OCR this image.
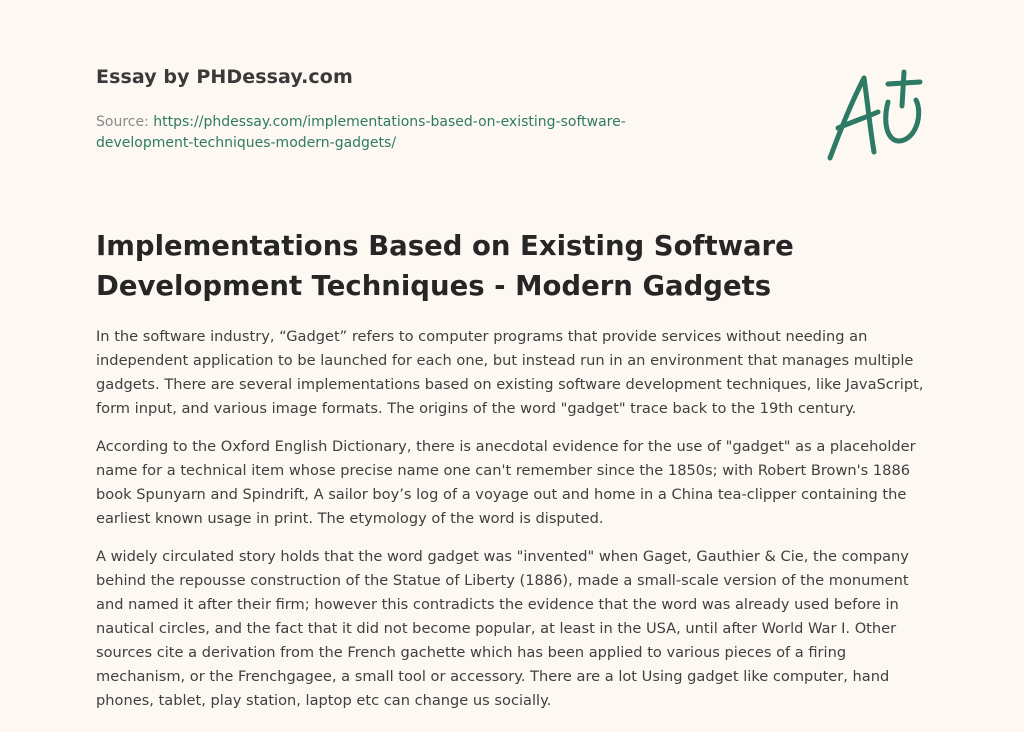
Essay by PHDessay.com
Source: https://phdessay.com/implementations-based-on-existing-software-
development-techniques-modern-gadgets/
Implementations Based on Existing Software
Development Techniques - Modern Gadgets

In the software industry, “Gadget” refers to computer programs that provide services without needing an independent application to be launched for each one, but instead run in an environment that manages multiple gadgets. There are several implementations based on existing software development techniques, like JavaScript, form input, and various image formats. The origins of the word "gadget" trace back to the 19th century.

According to the Oxford English Dictionary, there is anecdotal evidence for the use of "gadget" as a placeholder name for a technical item whose precise name one can't remember since the 1850s; with Robert Brown's 1886 book Spunyarn and Spindrift, A sailor boy’s log of a voyage out and home in a China tea-clipper containing the earliest known usage in print. The etymology of the word is disputed.

A widely circulated story holds that the word gadget was "invented" when Gaget, Gauthier & Cie, the company behind the repousse construction of the Statue of Liberty (1886), made a small-scale version of the monument and named it after their firm; however this contradicts the evidence that the word was already used before in nautical circles, and the fact that it did not become popular, at least in the USA, until after World War I. Other sources cite a derivation from the French gachette which has been applied to various pieces of a firing mechanism, or the Frenchgagee, a small tool or accessory. There are a lot Using gadget like computer, hand phones, tablet, play station, laptop etc can change us socially.
